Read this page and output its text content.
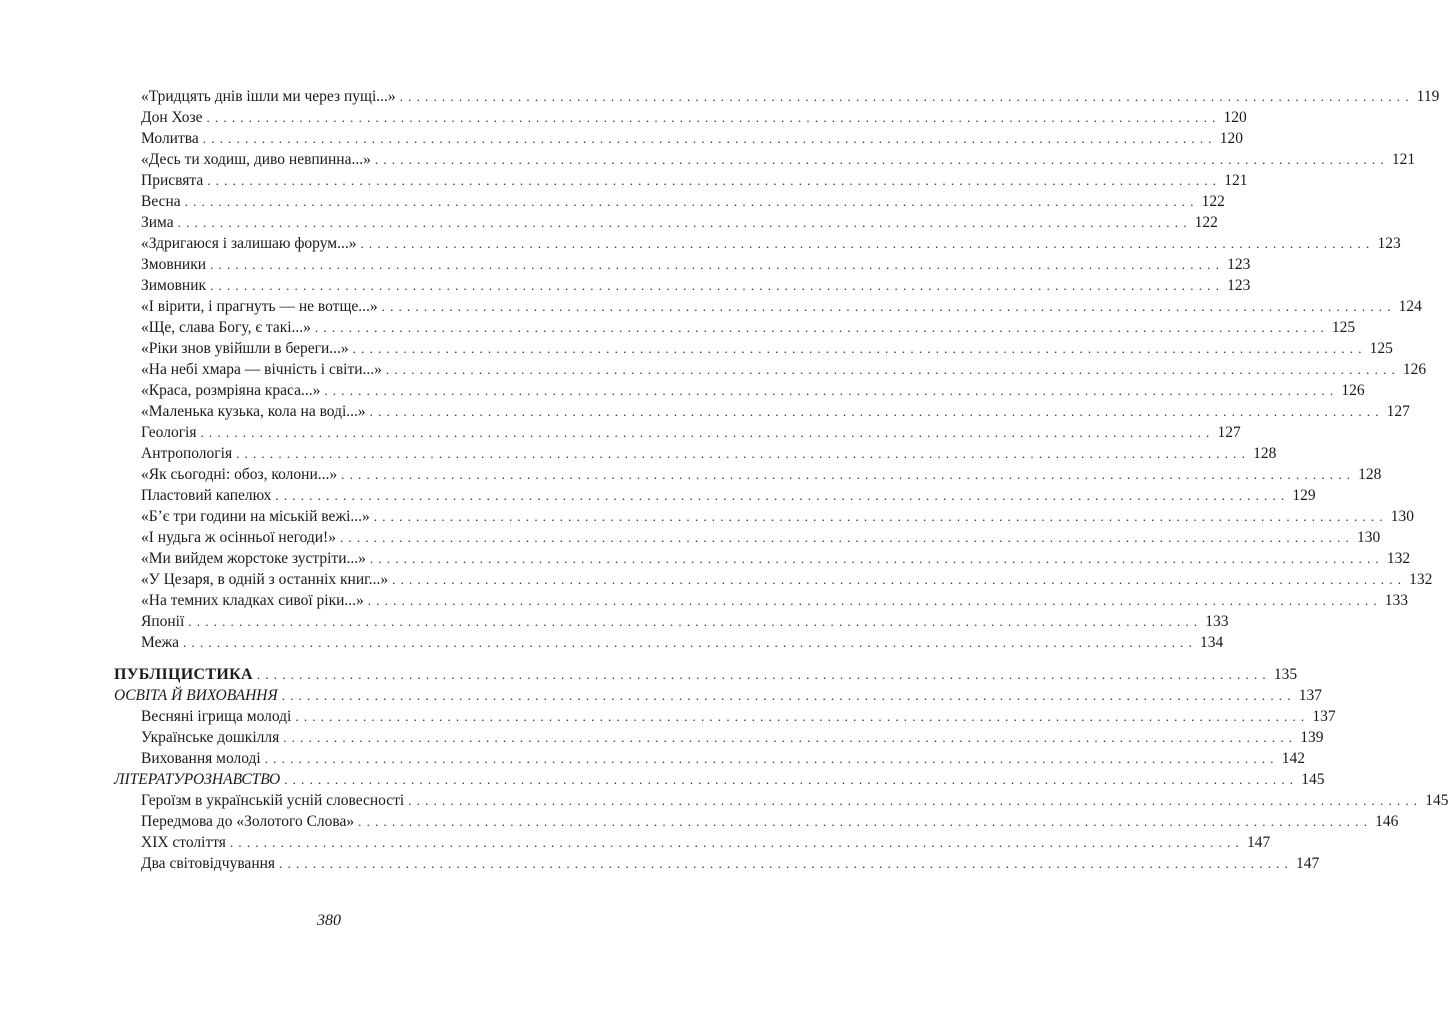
«Тридцять днів ішли ми через пущі...» ........................................................................................................................ 119
Дон Хозе ........................................................................................................................ 120
Молитва ........................................................................................................................ 120
«Десь ти ходиш, диво невпинна...» ........................................................................................................................ 121
Присвята ........................................................................................................................ 121
Весна ........................................................................................................................ 122
Зима ........................................................................................................................ 122
«Здригаюся і залишаю форум...» ........................................................................................................................ 123
Змовники ........................................................................................................................ 123
Зимовник ........................................................................................................................ 123
«І вірити, і прагнуть — не вотще...» ........................................................................................................................ 124
«Ще, слава Богу, є такі...» ........................................................................................................................ 125
«Ріки знов увійшли в береги...» ........................................................................................................................ 125
«На небі хмара — вічність і світи...» ........................................................................................................................ 126
«Краса, розмріяна краса...» ........................................................................................................................ 126
«Маленька кузька, кола на воді...» ........................................................................................................................ 127
Геологія ........................................................................................................................ 127
Антропологія ........................................................................................................................ 128
«Як сьогодні: обоз, колони...» ........................................................................................................................ 128
Пластовий капелюх ........................................................................................................................ 129
«Б’є три години на міській вежі...» ........................................................................................................................ 130
«І нудьга ж осінньої негоди!» ........................................................................................................................ 130
«Ми вийдем жорстоке зустріти...» ........................................................................................................................ 132
«У Цезаря, в одній з останніх книг...» ........................................................................................................................ 132
«На темних кладках сивої ріки...» ........................................................................................................................ 133
Японії ........................................................................................................................ 133
Межа ........................................................................................................................ 134
ПУБЛІЦИСТИКА ........................................................................................................................ 135
ОСВІТА Й ВИХОВАННЯ ........................................................................................................................ 137
Весняні ігрища молоді ........................................................................................................................ 137
Українське дошкілля ........................................................................................................................ 139
Виховання молоді ........................................................................................................................ 142
ЛІТЕРАТУРОЗНАВСТВО ........................................................................................................................ 145
Героїзм в українській усній словесності ........................................................................................................................ 145
Передмова до «Золотого Слова» ........................................................................................................................ 146
XIX століття ........................................................................................................................ 147
Два світовідчування ........................................................................................................................ 147
380
